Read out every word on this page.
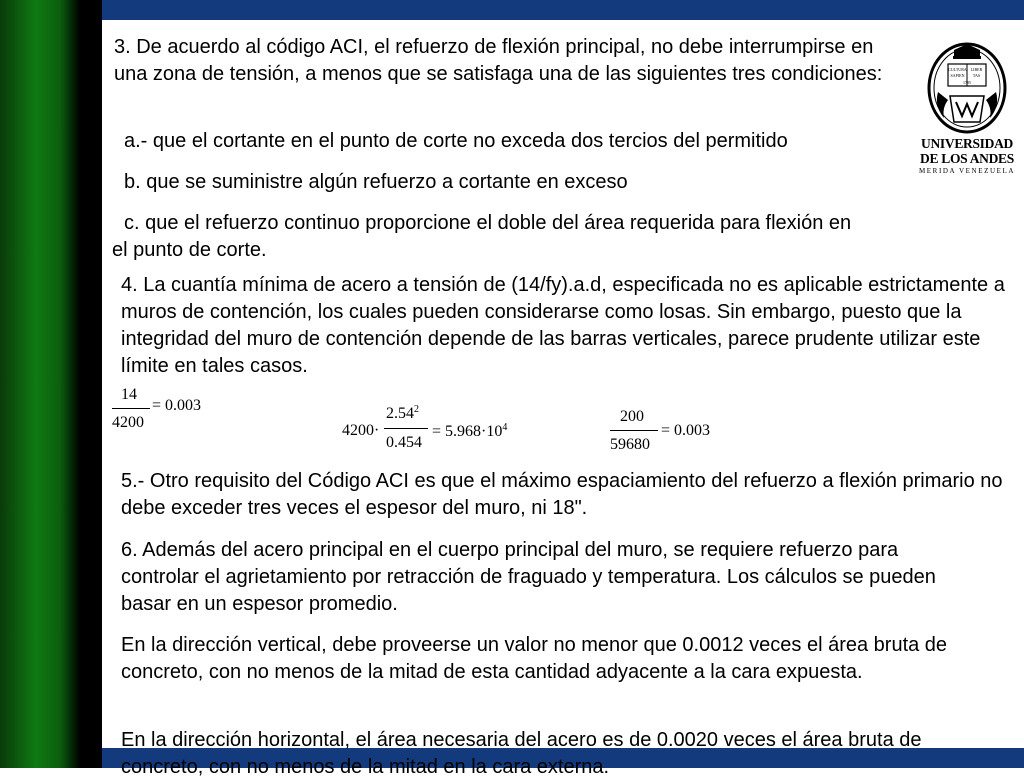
3. De acuerdo al código ACI, el refuerzo de flexión principal, no debe interrumpirse en una zona de tensión, a menos que se satisfaga una de las siguientes tres condiciones:

a.- que el cortante en el punto de corte no exceda dos tercios del permitido

b. que se suministre algún refuerzo a cortante en exceso

c. que el refuerzo continuo proporcione el doble del área requerida para flexión en el punto de corte.

4. La cuantía mínima de acero a tensión de (14/fy).a.d, especificada no es aplicable estrictamente a muros de contención, los cuales pueden considerarse como losas. Sin embargo, puesto que la integridad del muro de contención depende de las barras verticales, parece prudente utilizar este límite en tales casos.

14
4200
= 0.003
4200·
$2.54^2$
0.454
= $5.968\cdot 10^4$
200
59680
= 0.003

5.- Otro requisito del Código ACI es que el máximo espaciamiento del refuerzo a flexión primario no debe exceder tres veces el espesor del muro, ni 18".

6. Además del acero principal en el cuerpo principal del muro, se requiere refuerzo para controlar el agrietamiento por retracción de fraguado y temperatura. Los cálculos se pueden basar en un espesor promedio.

En la dirección vertical, debe proveerse un valor no menor que 0.0012 veces el área bruta de concreto, con no menos de la mitad de esta cantidad adyacente a la cara expuesta.

En la dirección horizontal, el área necesaria del acero es de 0.0020 veces el área bruta de concreto, con no menos de la mitad en la cara externa.

CULTURA
SAPIEN
LIBER
TAS
1785
UNIVERSIDAD
DE LOS ANDES
MERIDA VENEZUELA
